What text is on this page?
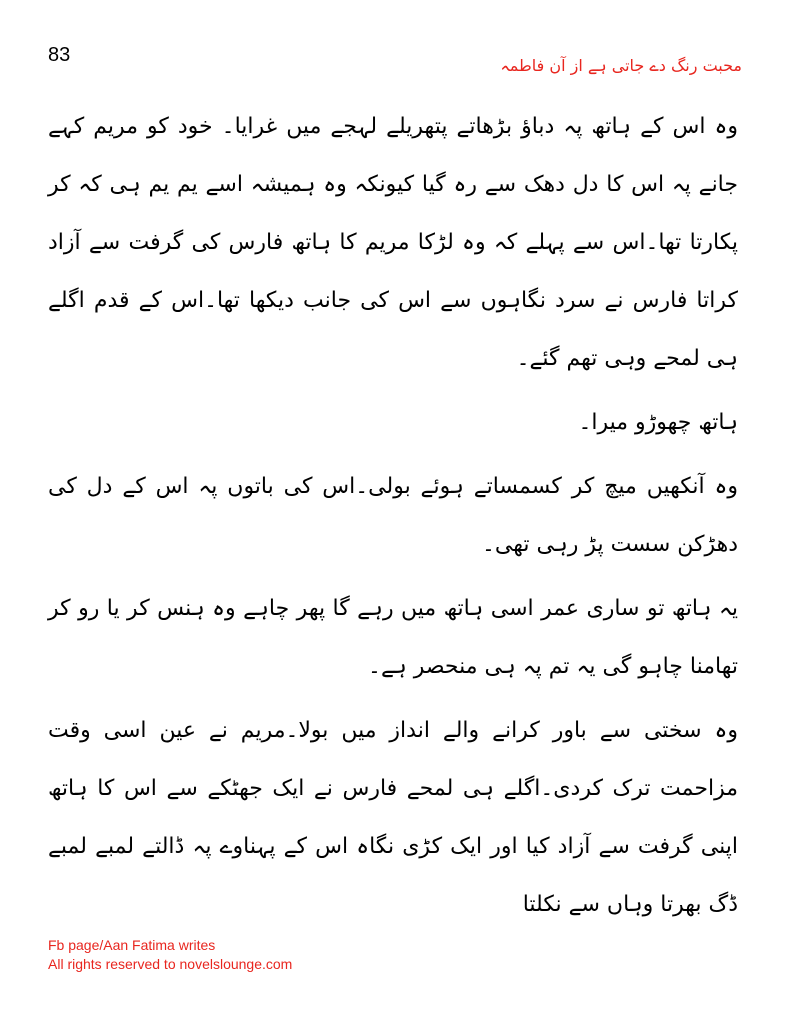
83	محبت رنگ دے جاتی ہے از آن فاطمہ

وہ اس کے ہاتھ پہ دباؤ بڑھاتے پتھریلے لہجے میں غرایا۔ خود کو مریم کہے جانے پہ اس کا دل دھک سے رہ گیا کیونکہ وہ ہمیشہ اسے یم یم ہی کہ کر پکارتا تھا۔اس سے پہلے کہ وہ لڑکا مریم کا ہاتھ فارس کی گرفت سے آزاد کراتا فارس نے سرد نگاہوں سے اس کی جانب دیکھا تھا۔اس کے قدم اگلے ہی لمحے وہی تھم گئے۔

ہاتھ چھوڑو میرا۔

وہ آنکھیں میچ کر کسمساتے ہوئے بولی۔اس کی باتوں پہ اس کے دل کی دھڑکن سست پڑ رہی تھی۔

یہ ہاتھ تو ساری عمر اسی ہاتھ میں رہے گا پھر چاہے وہ ہنس کر یا رو کر تھامنا چاہو گی یہ تم پہ ہی منحصر ہے۔

وہ سختی سے باور کرانے والے انداز میں بولا۔مریم نے عین اسی وقت مزاحمت ترک کردی۔اگلے ہی لمحے فارس نے ایک جھٹکے سے اس کا ہاتھ اپنی گرفت سے آزاد کیا اور ایک کڑی نگاہ اس کے پہناوے پہ ڈالتے لمبے لمبے ڈگ بھرتا وہاں سے نکلتا

Fb page/Aan Fatima writes
All rights reserved to novelslounge.com
